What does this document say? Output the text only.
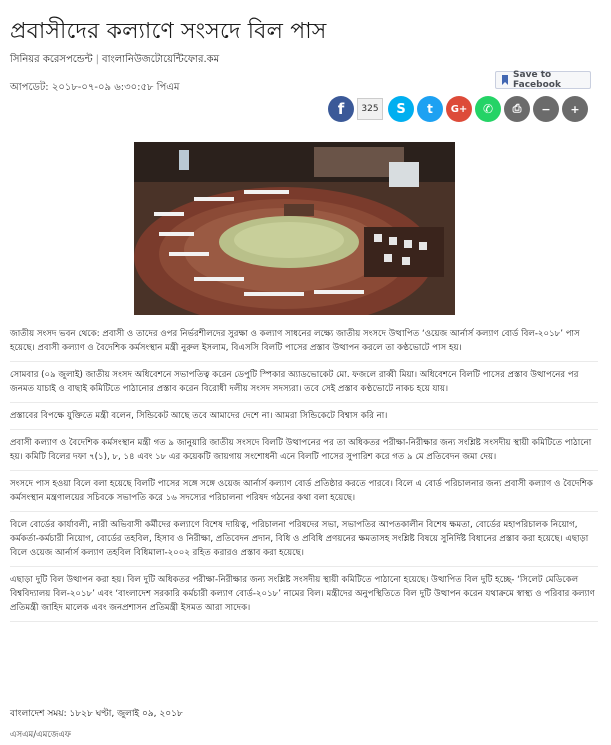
প্রবাসীদের কল্যাণে সংসদে বিল পাস
সিনিয়র করেসপন্ডেন্ট | বাংলানিউজটোয়েন্টিফোর.কম
আপডেট: ২০১৮-০৭-০৯ ৬:৩০:৫৮ পিএম
Save to Facebook
f	325	S	t	G+	✆	⎙	−	+

জাতীয় সংসদ ভবন থেকে: প্রবাসী ও তাদের ওপর নির্ভরশীলদের সুরক্ষা ও কল্যাণ সাধনের লক্ষ্যে জাতীয় সংসদে উত্থাপিত ‘ওয়েজ আর্নার্স কল্যাণ বোর্ড বিল-২০১৮’ পাস হয়েছে। প্রবাসী কল্যাণ ও বৈদেশিক কর্মসংস্থান মন্ত্রী নুরুল ইসলাম, বিএসসি বিলটি পাসের প্রস্তাব উত্থাপন করলে তা কণ্ঠভোটে পাস হয়।

সোমবার (০৯ জুলাই) জাতীয় সংসদ অধিবেশনে সভাপতিত্ব করেন ডেপুটি স্পিকার অ্যাডভোকেট মো. ফজলে রাব্বী মিয়া। অধিবেশনে বিলটি পাসের প্রস্তাব উত্থাপনের পর জনমত যাচাই ও বাছাই কমিটিতে পাঠানোর প্রস্তাব করেন বিরোধী দলীয় সংসদ সদস্যরা। তবে সেই প্রস্তাব কণ্ঠভোটে নাকচ হয়ে যায়।

প্রস্তাবের বিপক্ষে যুক্তিতে মন্ত্রী বলেন, সিন্ডিকেট আছে তবে আমাদের দেশে না। আমরা সিন্ডিকেটে বিশ্বাস করি না।

প্রবাসী কল্যাণ ও বৈদেশিক কর্মসংস্থান মন্ত্রী গত ৯ জানুয়ারি জাতীয় সংসদে বিলটি উত্থাপনের পর তা অধিকতর পরীক্ষা-নিরীক্ষার জন্য সংশ্লিষ্ট সংসদীয় স্থায়ী কমিটিতে পাঠানো হয়। কমিটি বিলের দফা ৭(১), ৮, ১৪ এবং ১৮ এর কয়েকটি জায়গায় সংশোধনী এনে বিলটি পাসের সুপারিশ করে গত ৯ মে প্রতিবেদন জমা দেয়।

সংসদে পাস হওয়া বিলে বলা হয়েছে বিলটি পাসের সঙ্গে সঙ্গে ওয়েজ আর্নার্স কল্যাণ বোর্ড প্রতিষ্ঠার করতে পারবে। বিলে এ বোর্ড পরিচালনার জন্য প্রবাসী কল্যাণ ও বৈদেশিক কর্মসংস্থান মন্ত্রণালয়ের সচিবকে সভাপতি করে ১৬ সদস্যের পরিচালনা পরিষদ গঠনের কথা বলা হয়েছে।

বিলে বোর্ডের কার্যাবলী, নারী অভিবাসী কর্মীদের কল্যাণে বিশেষ দায়িত্ব, পরিচালনা পরিষদের সভা, সভাপতির আপতকালীন বিশেষ ক্ষমতা, বোর্ডের মহাপরিচালক নিয়োগ, কর্মকর্তা-কর্মচারী নিয়োগ, বোর্ডের তহবিল, হিসাব ও নিরীক্ষা, প্রতিবেদন প্রদান, বিধি ও প্রবিধি প্রণয়নের ক্ষমতাসহ সংশ্লিষ্ট বিষয়ে সুনির্দিষ্ট বিধানের প্রস্তাব করা হয়েছে। এছাড়া বিলে ওয়েজ আর্নার্স কল্যাণ তহবিল বিধিমালা-২০০২ রহিত করারও প্রস্তাব করা হয়েছে।

এছাড়া দুটি বিল উত্থাপন করা হয়। বিল দুটি অধিকতর পরীক্ষা-নিরীক্ষার জন্য সংশ্লিষ্ট সংসদীয় স্থায়ী কমিটিতে পাঠানো হয়েছে। উত্থাপিত বিল দুটি হচ্ছে- ‘সিলেট মেডিকেল বিশ্ববিদ্যালয় বিল-২০১৮’ এবং ‘বাংলাদেশ সরকারি কর্মচারী কল্যাণ বোর্ড-২০১৮’ নামের বিল। মন্ত্রীদের অনুপস্থিতিতে বিল দুটি উত্থাপন করেন যথাক্রমে স্বাস্থ্য ও পরিবার কল্যাণ প্রতিমন্ত্রী জাহিদ মালেক এবং জনপ্রশাসন প্রতিমন্ত্রী ইসমত আরা সাদেক।

বাংলাদেশ সময়: ১৮২৮ ঘণ্টা, জুলাই ০৯, ২০১৮
এসএম/এমজেএফ
